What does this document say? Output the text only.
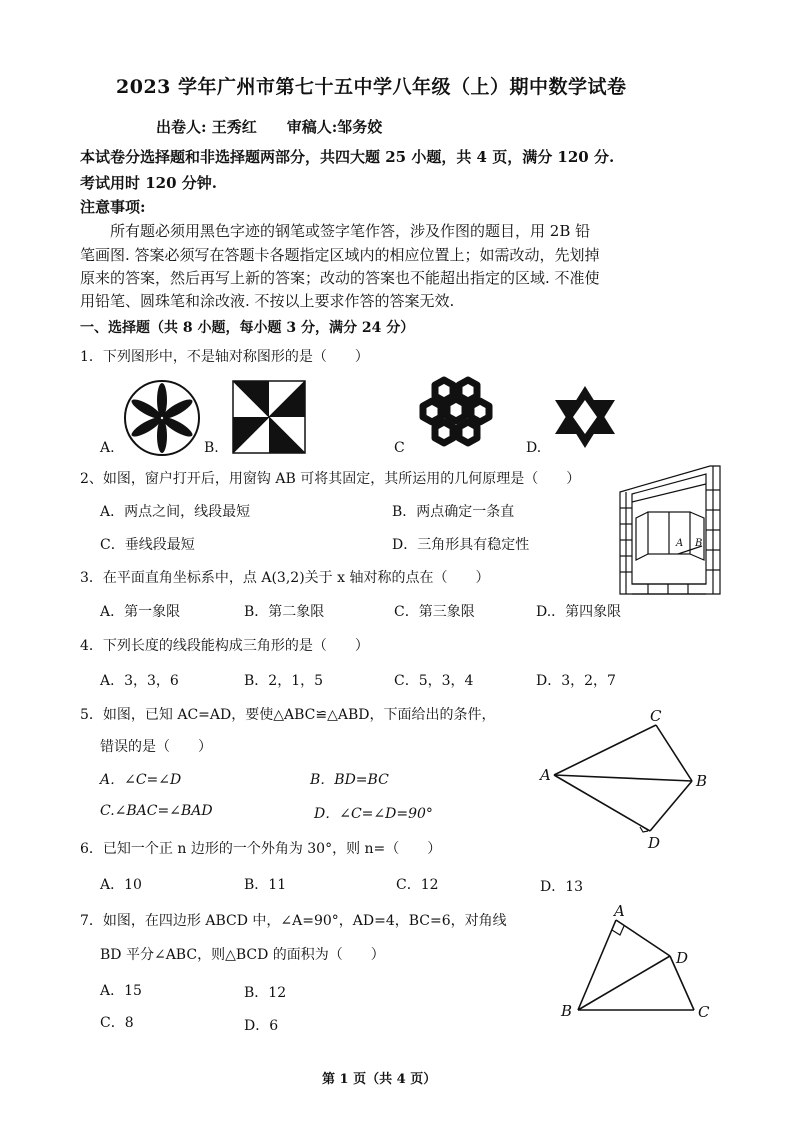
2023 学年广州市第七十五中学八年级（上）期中数学试卷
出卷人: 王秀红　　审稿人:邹务姣
本试卷分选择题和非选择题两部分，共四大题 25 小题，共 4 页，满分 120 分.
考试用时 120 分钟.
注意事项:
所有题必须用黑色字迹的钢笔或签字笔作答，涉及作图的题目，用 2B 铅
笔画图. 答案必须写在答题卡各题指定区域内的相应位置上；如需改动，先划掉
原来的答案，然后再写上新的答案；改动的答案也不能超出指定的区域. 不准使
用铅笔、圆珠笔和涂改液. 不按以上要求作答的答案无效.
一、选择题（共 8 小题，每小题 3 分，满分 24 分）
1．下列图形中，不是轴对称图形的是（　　）
A.	B.	C	D.
2、如图，窗户打开后，用窗钩 AB 可将其固定，其所运用的几何原理是（　　）
A．两点之间，线段最短	B．两点确定一条直
C．垂线段最短	D．三角形具有稳定性	A B
3．在平面直角坐标系中，点 A(3,2)关于 x 轴对称的点在（　　）
A．第一象限	B．第二象限	C．第三象限	D.．第四象限
4．下列长度的线段能构成三角形的是（　　）
A．3，3，6	B．2，1，5	C．5，3，4	D．3，2，7
5．如图，已知 AC=AD，要使△ABC≌△ABD，下面给出的条件，
错误的是（　　）
A．∠C=∠D	B．BD=BC
C.∠BAC=∠BAD	D．∠C=∠D=90°
C
A	B
D
6．已知一个正 n 边形的一个外角为 30°，则 n=（　　）
A．10	B．11	C．12	D．13
7．如图，在四边形 ABCD 中，∠A=90°，AD=4，BC=6，对角线
BD 平分∠ABC，则△BCD 的面积为（　　）
A．15	B．12
C．8	D．6
A
D
B	C
第 1 页（共 4 页）
